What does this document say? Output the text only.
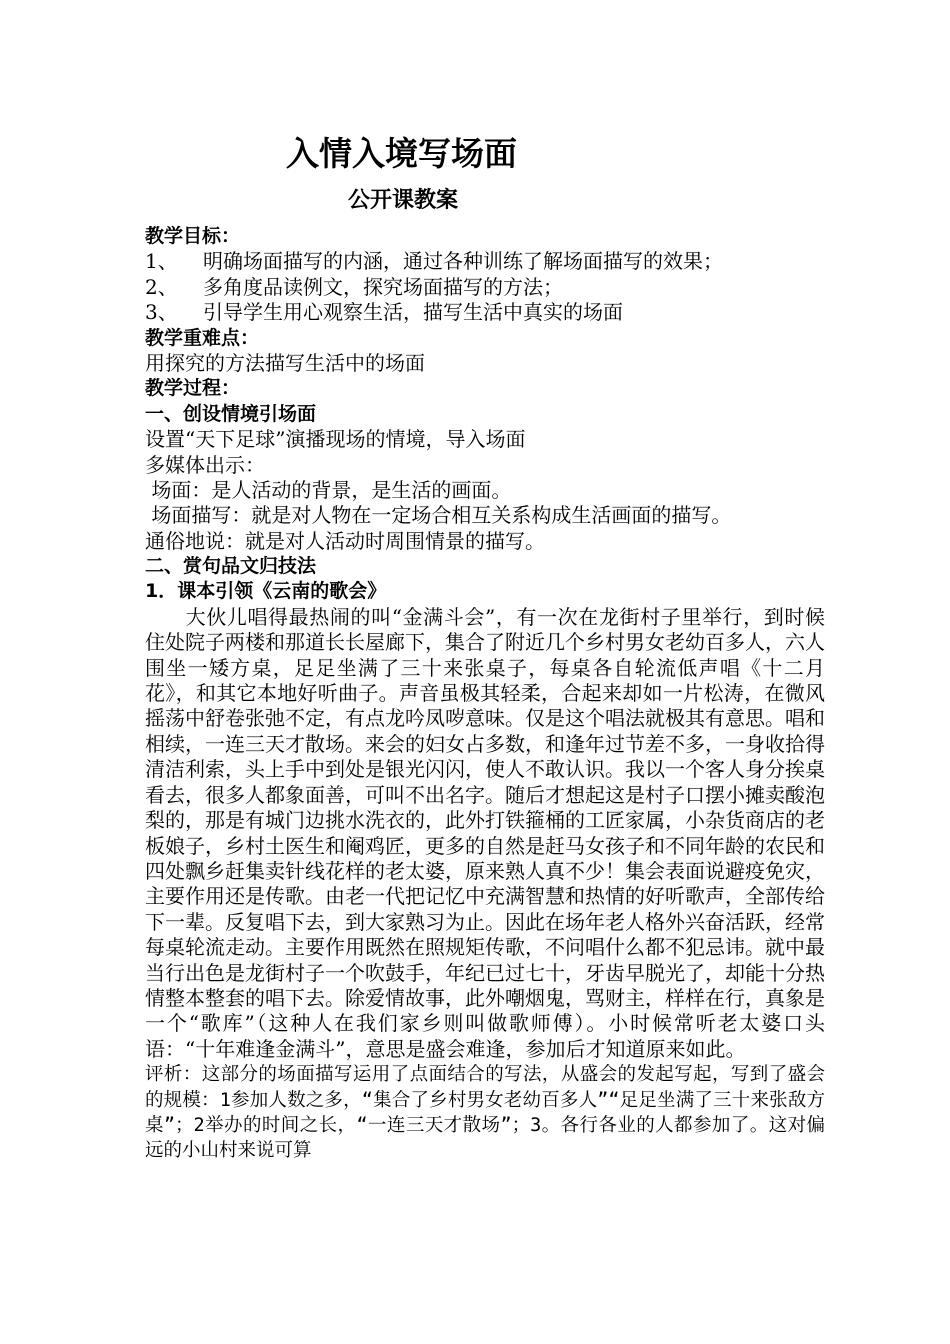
入情入境写场面
公开课教案
教学目标：
1、 明确场面描写的内涵，通过各种训练了解场面描写的效果；
2、 多角度品读例文，探究场面描写的方法；
3、 引导学生用心观察生活，描写生活中真实的场面
教学重难点：
用探究的方法描写生活中的场面
教学过程：
一、创设情境引场面
设置“天下足球”演播现场的情境，导入场面
多媒体出示：
场面：是人活动的背景，是生活的画面。
场面描写：就是对人物在一定场合相互关系构成生活画面的描写。
通俗地说：就是对人活动时周围情景的描写。
二、赏句品文归技法
1．课本引领《云南的歌会》
大伙儿唱得最热闹的叫“金满斗会”，有一次在龙街村子里举行，到时候住处院子两楼和那道长长屋廊下，集合了附近几个乡村男女老幼百多人，六人围坐一矮方桌，足足坐满了三十来张桌子，每桌各自轮流低声唱《十二月花》，和其它本地好听曲子。声音虽极其轻柔，合起来却如一片松涛，在微风摇荡中舒卷张弛不定，有点龙吟凤哕意味。仅是这个唱法就极其有意思。唱和相续，一连三天才散场。来会的妇女占多数，和逢年过节差不多，一身收拾得清洁利索，头上手中到处是银光闪闪，使人不敢认识。我以一个客人身分挨桌看去，很多人都象面善，可叫不出名字。随后才想起这是村子口摆小摊卖酸泡梨的，那是有城门边挑水洗衣的，此外打铁箍桶的工匠家属，小杂货商店的老板娘子，乡村土医生和阉鸡匠，更多的自然是赶马女孩子和不同年龄的农民和四处飘乡赶集卖针线花样的老太婆，原来熟人真不少！集会表面说避疫免灾，主要作用还是传歌。由老一代把记忆中充满智慧和热情的好听歌声，全部传给下一辈。反复唱下去，到大家熟习为止。因此在场年老人格外兴奋活跃，经常每桌轮流走动。主要作用既然在照规矩传歌，不问唱什么都不犯忌讳。就中最当行出色是龙街村子一个吹鼓手，年纪已过七十，牙齿早脱光了，却能十分热情整本整套的唱下去。除爱情故事，此外嘲烟鬼，骂财主，样样在行，真象是一个“歌库”（这种人在我们家乡则叫做歌师傅）。小时候常听老太婆口头语：“十年难逢金满斗”，意思是盛会难逢，参加后才知道原来如此。
评析：这部分的场面描写运用了点面结合的写法，从盛会的发起写起，写到了盛会的规模：1参加人数之多，“集合了乡村男女老幼百多人”“足足坐满了三十来张敌方桌”；2举办的时间之长，“一连三天才散场”；3。各行各业的人都参加了。这对偏远的小山村来说可算
